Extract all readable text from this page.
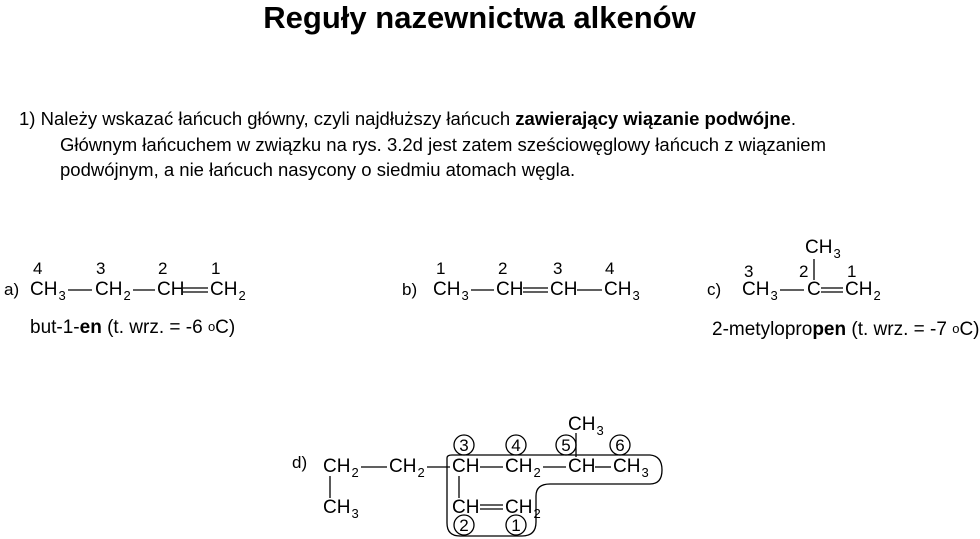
Reguły nazewnictwa alkenów
1) Należy wskazać łańcuch główny, czyli najdłuższy łańcuch zawierający wiązanie podwójne.
Głównym łańcuchem w związku na rys. 3.2d jest zatem sześciowęglowy łańcuch z wiązaniem
podwójnym, a nie łańcuch nasycony o siedmiu atomach węgla.
a)
4	3	2	1
$CH_3$ $CH_2$ CH $CH_2$
but-1-en (t. wrz. = -6 $^o$C)
b)
1	2	3	4
$CH_3$ CH CH $CH_3$	c)
$CH_3$
3	2 1
$CH_3$ C $CH_2$
2-metylopropen (t. wrz. = -7 $^o$C)
d)
$CH_3$
$CH_2$ $CH_2$ CH $CH_2$ CH $CH_3$
$CH_3$	CH $CH_2$
3	4 5	6
2	1
